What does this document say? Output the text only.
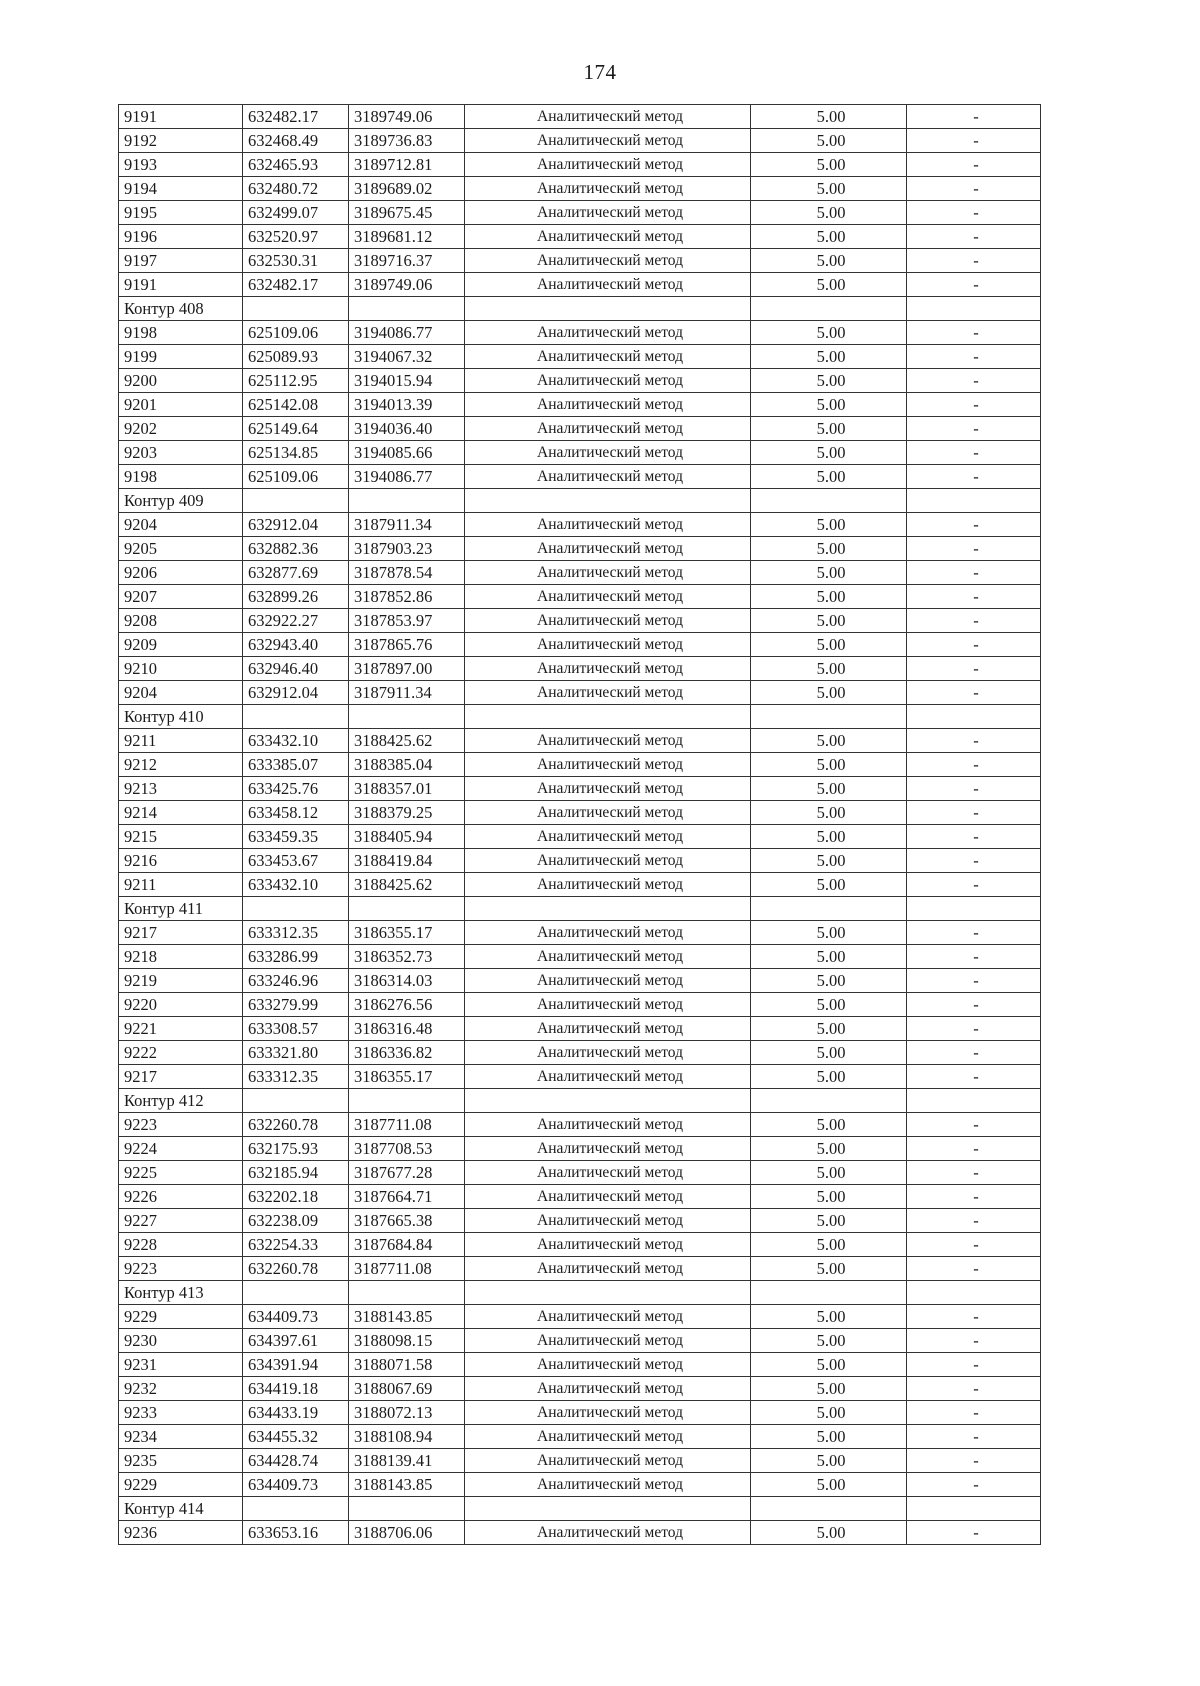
174
9191	632482.17	3189749.06	Аналитический метод	5.00	-
9192	632468.49	3189736.83	Аналитический метод	5.00	-
9193	632465.93	3189712.81	Аналитический метод	5.00	-
9194	632480.72	3189689.02	Аналитический метод	5.00	-
9195	632499.07	3189675.45	Аналитический метод	5.00	-
9196	632520.97	3189681.12	Аналитический метод	5.00	-
9197	632530.31	3189716.37	Аналитический метод	5.00	-
9191	632482.17	3189749.06	Аналитический метод	5.00	-
Контур 408					
9198	625109.06	3194086.77	Аналитический метод	5.00	-
9199	625089.93	3194067.32	Аналитический метод	5.00	-
9200	625112.95	3194015.94	Аналитический метод	5.00	-
9201	625142.08	3194013.39	Аналитический метод	5.00	-
9202	625149.64	3194036.40	Аналитический метод	5.00	-
9203	625134.85	3194085.66	Аналитический метод	5.00	-
9198	625109.06	3194086.77	Аналитический метод	5.00	-
Контур 409					
9204	632912.04	3187911.34	Аналитический метод	5.00	-
9205	632882.36	3187903.23	Аналитический метод	5.00	-
9206	632877.69	3187878.54	Аналитический метод	5.00	-
9207	632899.26	3187852.86	Аналитический метод	5.00	-
9208	632922.27	3187853.97	Аналитический метод	5.00	-
9209	632943.40	3187865.76	Аналитический метод	5.00	-
9210	632946.40	3187897.00	Аналитический метод	5.00	-
9204	632912.04	3187911.34	Аналитический метод	5.00	-
Контур 410					
9211	633432.10	3188425.62	Аналитический метод	5.00	-
9212	633385.07	3188385.04	Аналитический метод	5.00	-
9213	633425.76	3188357.01	Аналитический метод	5.00	-
9214	633458.12	3188379.25	Аналитический метод	5.00	-
9215	633459.35	3188405.94	Аналитический метод	5.00	-
9216	633453.67	3188419.84	Аналитический метод	5.00	-
9211	633432.10	3188425.62	Аналитический метод	5.00	-
Контур 411					
9217	633312.35	3186355.17	Аналитический метод	5.00	-
9218	633286.99	3186352.73	Аналитический метод	5.00	-
9219	633246.96	3186314.03	Аналитический метод	5.00	-
9220	633279.99	3186276.56	Аналитический метод	5.00	-
9221	633308.57	3186316.48	Аналитический метод	5.00	-
9222	633321.80	3186336.82	Аналитический метод	5.00	-
9217	633312.35	3186355.17	Аналитический метод	5.00	-
Контур 412					
9223	632260.78	3187711.08	Аналитический метод	5.00	-
9224	632175.93	3187708.53	Аналитический метод	5.00	-
9225	632185.94	3187677.28	Аналитический метод	5.00	-
9226	632202.18	3187664.71	Аналитический метод	5.00	-
9227	632238.09	3187665.38	Аналитический метод	5.00	-
9228	632254.33	3187684.84	Аналитический метод	5.00	-
9223	632260.78	3187711.08	Аналитический метод	5.00	-
Контур 413					
9229	634409.73	3188143.85	Аналитический метод	5.00	-
9230	634397.61	3188098.15	Аналитический метод	5.00	-
9231	634391.94	3188071.58	Аналитический метод	5.00	-
9232	634419.18	3188067.69	Аналитический метод	5.00	-
9233	634433.19	3188072.13	Аналитический метод	5.00	-
9234	634455.32	3188108.94	Аналитический метод	5.00	-
9235	634428.74	3188139.41	Аналитический метод	5.00	-
9229	634409.73	3188143.85	Аналитический метод	5.00	-
Контур 414					
9236	633653.16	3188706.06	Аналитический метод	5.00	-
